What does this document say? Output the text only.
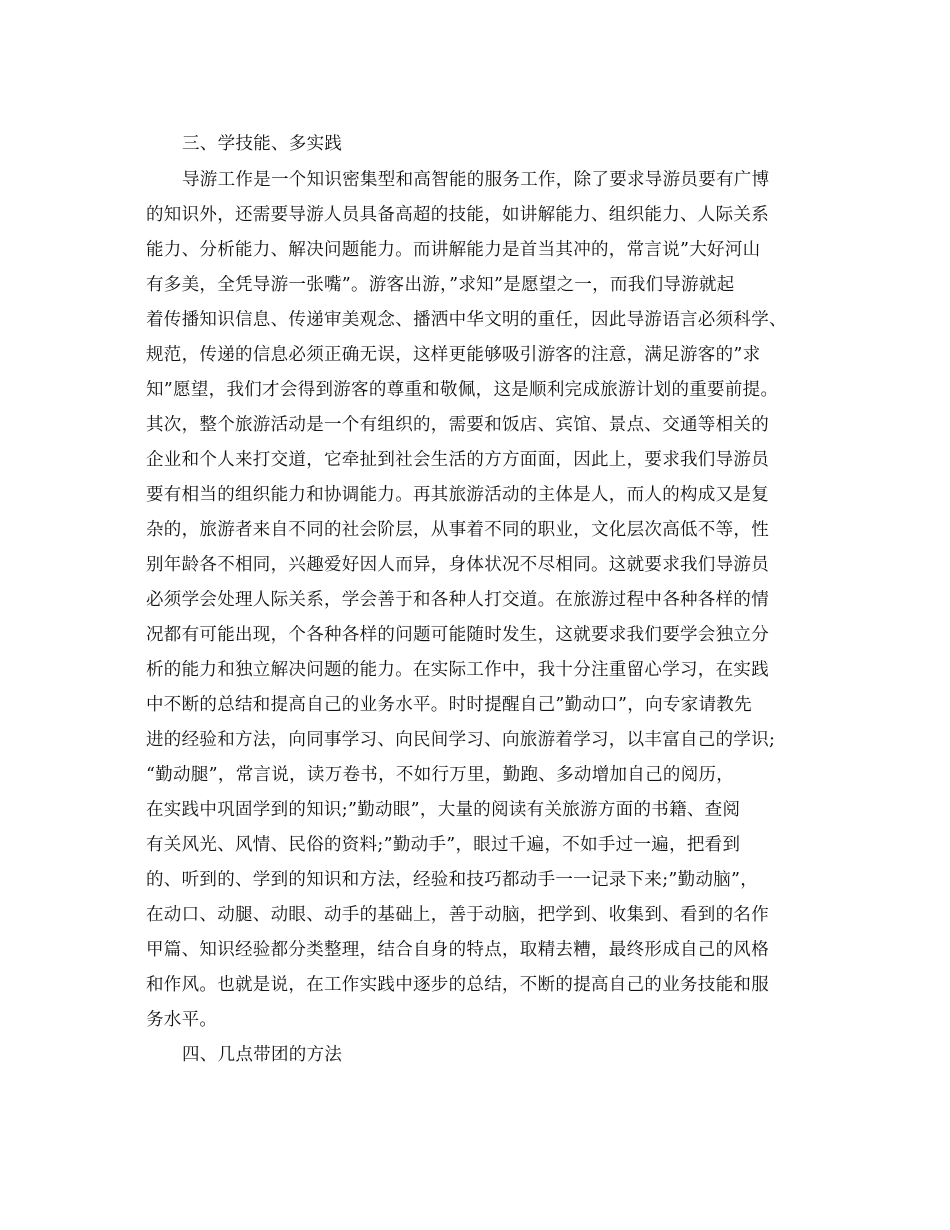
三、学技能、多实践
导游工作是一个知识密集型和高智能的服务工作，除了要求导游员要有广博
的知识外，还需要导游人员具备高超的技能，如讲解能力、组织能力、人际关系
能力、分析能力、解决问题能力。而讲解能力是首当其冲的，常言说”大好河山
有多美，全凭导游一张嘴”。游客出游，”求知”是愿望之一，而我们导游就起
着传播知识信息、传递审美观念、播洒中华文明的重任，因此导游语言必须科学、
规范，传递的信息必须正确无误，这样更能够吸引游客的注意，满足游客的”求
知”愿望，我们才会得到游客的尊重和敬佩，这是顺利完成旅游计划的重要前提。
其次，整个旅游活动是一个有组织的，需要和饭店、宾馆、景点、交通等相关的
企业和个人来打交道，它牵扯到社会生活的方方面面，因此上，要求我们导游员
要有相当的组织能力和协调能力。再其旅游活动的主体是人，而人的构成又是复
杂的，旅游者来自不同的社会阶层，从事着不同的职业，文化层次高低不等，性
别年龄各不相同，兴趣爱好因人而异，身体状况不尽相同。这就要求我们导游员
必须学会处理人际关系，学会善于和各种人打交道。在旅游过程中各种各样的情
况都有可能出现，个各种各样的问题可能随时发生，这就要求我们要学会独立分
析的能力和独立解决问题的能力。在实际工作中，我十分注重留心学习，在实践
中不断的总结和提高自己的业务水平。时时提醒自己”勤动口”，向专家请教先
进的经验和方法，向同事学习、向民间学习、向旅游着学习，以丰富自己的学识;
“勤动腿”，常言说，读万卷书，不如行万里，勤跑、多动增加自己的阅历，
在实践中巩固学到的知识;”勤动眼”，大量的阅读有关旅游方面的书籍、查阅
有关风光、风情、民俗的资料;”勤动手”，眼过千遍，不如手过一遍，把看到
的、听到的、学到的知识和方法，经验和技巧都动手一一记录下来;”勤动脑”，
在动口、动腿、动眼、动手的基础上，善于动脑，把学到、收集到、看到的名作
甲篇、知识经验都分类整理，结合自身的特点，取精去糟，最终形成自己的风格
和作风。也就是说，在工作实践中逐步的总结，不断的提高自己的业务技能和服
务水平。
四、几点带团的方法
